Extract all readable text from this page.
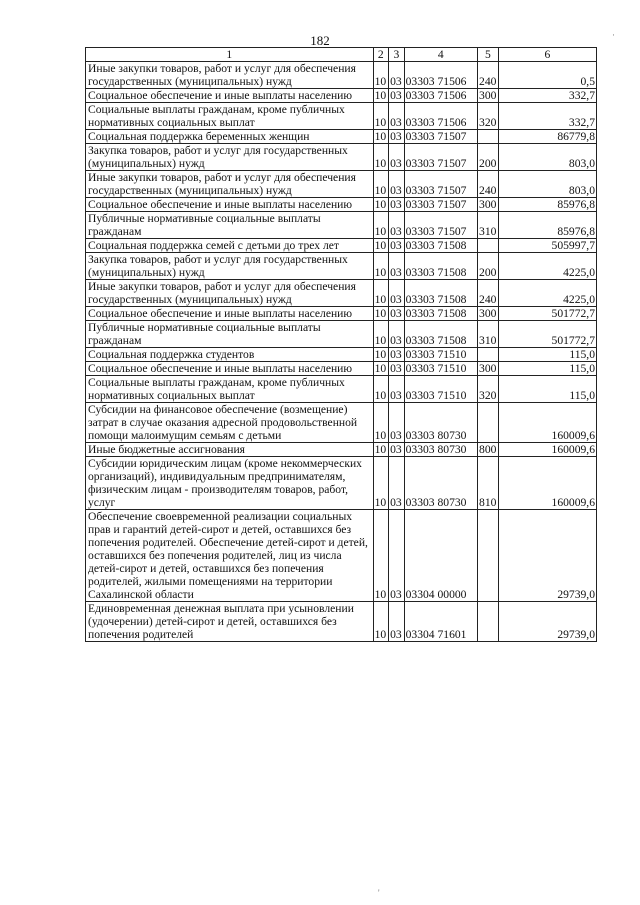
182	·
'
1	2	3	4	5	6
Иные закупки товаров, работ и услуг для обеспечения государственных (муниципальных) нужд	10	03	03303 71506	240	0,5
Социальное обеспечение и иные выплаты населению	10	03	03303 71506	300	332,7
Социальные выплаты гражданам, кроме публичных нормативных социальных выплат	10	03	03303 71506	320	332,7
Социальная поддержка беременных женщин	10	03	03303 71507		86779,8
Закупка товаров, работ и услуг для государственных (муниципальных) нужд	10	03	03303 71507	200	803,0
Иные закупки товаров, работ и услуг для обеспечения государственных (муниципальных) нужд	10	03	03303 71507	240	803,0
Социальное обеспечение и иные выплаты населению	10	03	03303 71507	300	85976,8
Публичные нормативные социальные выплаты гражданам	10	03	03303 71507	310	85976,8
Социальная поддержка семей с детьми до трех лет	10	03	03303 71508		505997,7
Закупка товаров, работ и услуг для государственных (муниципальных) нужд	10	03	03303 71508	200	4225,0
Иные закупки товаров, работ и услуг для обеспечения государственных (муниципальных) нужд	10	03	03303 71508	240	4225,0
Социальное обеспечение и иные выплаты населению	10	03	03303 71508	300	501772,7
Публичные нормативные социальные выплаты гражданам	10	03	03303 71508	310	501772,7
Социальная поддержка студентов	10	03	03303 71510		115,0
Социальное обеспечение и иные выплаты населению	10	03	03303 71510	300	115,0
Социальные выплаты гражданам, кроме публичных нормативных социальных выплат	10	03	03303 71510	320	115,0
Субсидии на финансовое обеспечение (возмещение) затрат в случае оказания адресной продовольственной помощи малоимущим семьям с детьми	10	03	03303 80730		160009,6
Иные бюджетные ассигнования	10	03	03303 80730	800	160009,6
Субсидии юридическим лицам (кроме некоммерческих организаций), индивидуальным предпринимателям, физическим лицам - производителям товаров, работ, услуг	10	03	03303 80730	810	160009,6
Обеспечение своевременной реализации социальных прав и гарантий детей-сирот и детей, оставшихся без попечения родителей. Обеспечение детей-сирот и детей, оставшихся без попечения родителей, лиц из числа детей-сирот и детей, оставшихся без попечения родителей, жилыми помещениями на территории Сахалинской области	10	03	03304 00000		29739,0
Единовременная денежная выплата при усыновлении (удочерении) детей-сирот и детей, оставшихся без попечения родителей	10	03	03304 71601		29739,0
